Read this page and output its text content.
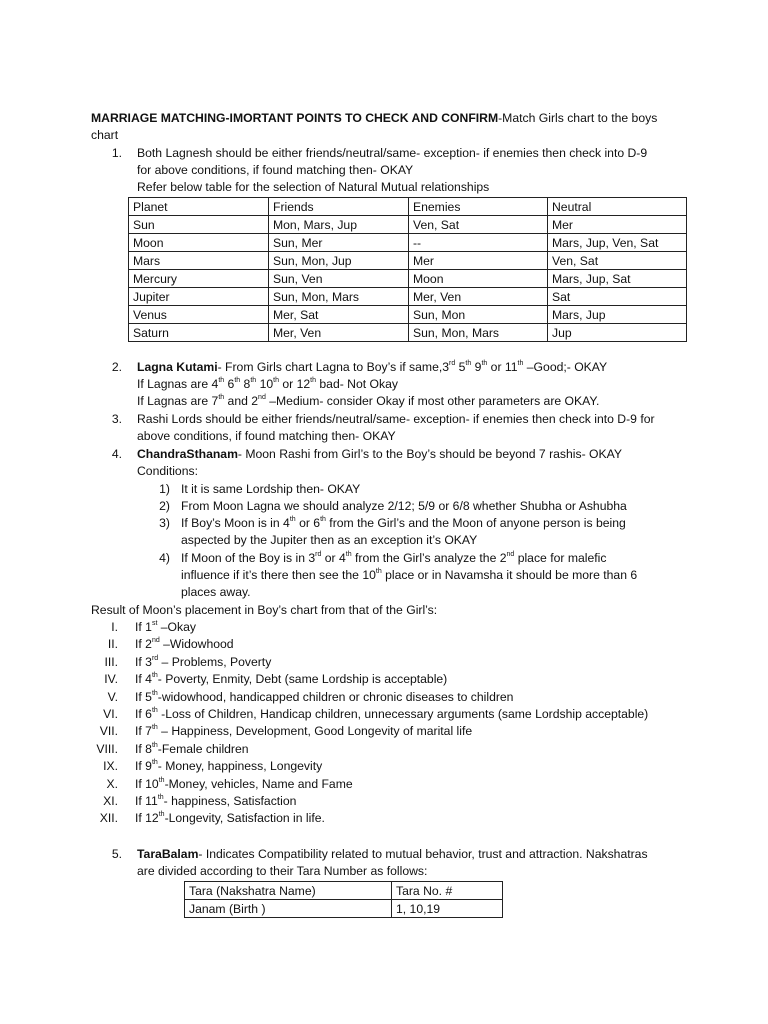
MARRIAGE MATCHING-IMORTANT POINTS TO CHECK AND CONFIRM-Match Girls chart to the boys
chart
1. Both Lagnesh should be either friends/neutral/same- exception- if enemies then check into D-9
for above conditions, if found matching then- OKAY
Refer below table for the selection of Natural Mutual relationships
Planet	Friends	Enemies	Neutral
Sun	Mon, Mars, Jup	Ven, Sat	Mer
Moon	Sun, Mer	--	Mars, Jup, Ven, Sat
Mars	Sun, Mon, Jup	Mer	Ven, Sat
Mercury	Sun, Ven	Moon	Mars, Jup, Sat
Jupiter	Sun, Mon, Mars	Mer, Ven	Sat
Venus	Mer, Sat	Sun, Mon	Mars, Jup
Saturn	Mer, Ven	Sun, Mon, Mars	Jup
2. Lagna Kutami- From Girls chart Lagna to Boy’s if same,3rd 5th 9th or 11th –Good;- OKAY
If Lagnas are 4th 6th 8th 10th or 12th bad- Not Okay
If Lagnas are 7th and 2nd –Medium- consider Okay if most other parameters are OKAY.
3. Rashi Lords should be either friends/neutral/same- exception- if enemies then check into D-9 for
above conditions, if found matching then- OKAY
4. ChandraSthanam- Moon Rashi from Girl’s to the Boy’s should be beyond 7 rashis- OKAY
Conditions:
1) It it is same Lordship then- OKAY
2) From Moon Lagna we should analyze 2/12; 5/9 or 6/8 whether Shubha or Ashubha
3) If Boy’s Moon is in 4th or 6th from the Girl’s and the Moon of anyone person is being
aspected by the Jupiter then as an exception it’s OKAY
4) If Moon of the Boy is in 3rd or 4th from the Girl’s analyze the 2nd place for malefic
influence if it’s there then see the 10th place or in Navamsha it should be more than 6
places away.
Result of Moon’s placement in Boy’s chart from that of the Girl’s:
I. If 1st –Okay
II. If 2nd –Widowhood
III. If 3rd – Problems, Poverty
IV. If 4th- Poverty, Enmity, Debt (same Lordship is acceptable)
V. If 5th-widowhood, handicapped children or chronic diseases to children
VI. If 6th -Loss of Children, Handicap children, unnecessary arguments (same Lordship acceptable)
VII. If 7th – Happiness, Development, Good Longevity of marital life
VIII. If 8th-Female children
IX. If 9th- Money, happiness, Longevity
X. If 10th-Money, vehicles, Name and Fame
XI. If 11th- happiness, Satisfaction
XII. If 12th-Longevity, Satisfaction in life.
5. TaraBalam- Indicates Compatibility related to mutual behavior, trust and attraction. Nakshatras
are divided according to their Tara Number as follows:
Tara (Nakshatra Name)	Tara No. #
Janam (Birth )	1, 10,19
